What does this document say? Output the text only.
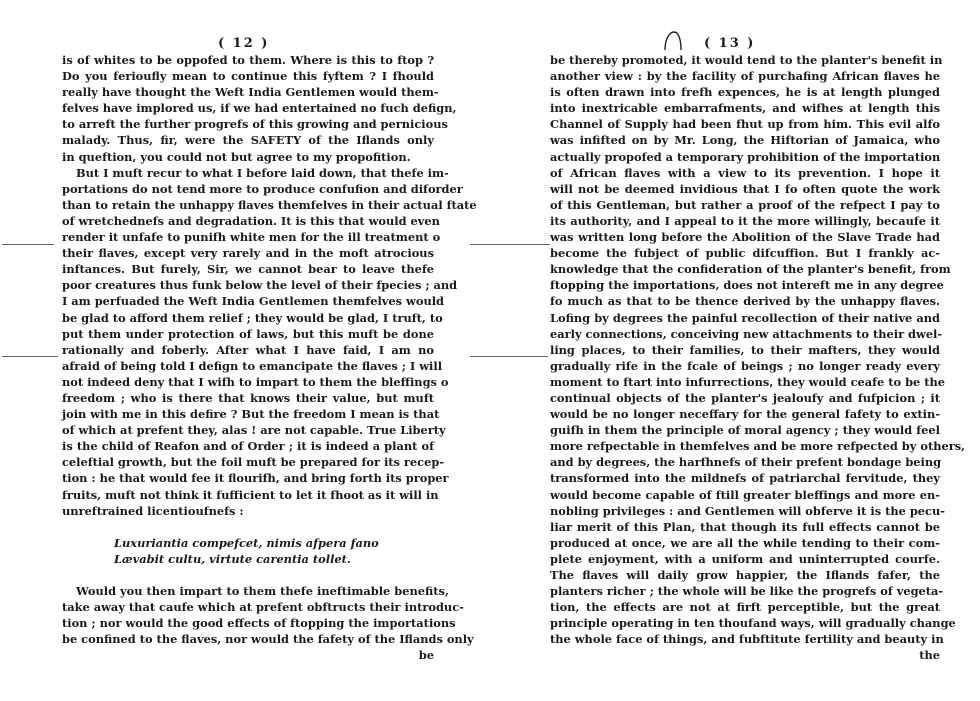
( 12 )
is of whites to be oppofed to them. Where is this to ftop ?
Do you ferioufly mean to continue this fyftem ? I fhould
really have thought the Weft India Gentlemen would them-
felves have implored us, if we had entertained no fuch defign,
to arreft the further progrefs of this growing and pernicious
malady. Thus, fir, were the SAFETY of the Iflands only
in queftion, you could not but agree to my propofition.
But I muft recur to what I before laid down, that thefe im-
portations do not tend more to produce confufion and diforder
than to retain the unhappy flaves themfelves in their actual ftate
of wretchednefs and degradation. It is this that would even
render it unfafe to punifh white men for the ill treatment o
their flaves, except very rarely and in the moft atrocious
inftances. But furely, Sir, we cannot bear to leave thefe
poor creatures thus funk below the level of their fpecies ; and
I am perfuaded the Weft India Gentlemen themfelves would
be glad to afford them relief ; they would be glad, I truft, to
put them under protection of laws, but this muft be done
rationally and foberly. After what I have faid, I am no
afraid of being told I defign to emancipate the flaves ; I will
not indeed deny that I wifh to impart to them the bleffings o
freedom ; who is there that knows their value, but muft
join with me in this defire ? But the freedom I mean is that
of which at prefent they, alas ! are not capable. True Liberty
is the child of Reafon and of Order ; it is indeed a plant of
celeftial growth, but the foil muft be prepared for its recep-
tion : he that would fee it flourifh, and bring forth its proper
fruits, muft not think it fufficient to let it fhoot as it will in
unreftrained licentioufnefs :
Luxuriantia compefcet, nimis afpera fano
Lævabit cultu, virtute carentia tollet.
Would you then impart to them thefe ineftimable benefits,
take away that caufe which at prefent obftructs their introduc-
tion ; nor would the good effects of ftopping the importations
be confined to the flaves, nor would the fafety of the Iflands only
be
( 13 )
be thereby promoted, it would tend to the planter's benefit in
another view : by the facility of purchafing African flaves he
is often drawn into frefh expences, he is at length plunged
into inextricable embarrafments, and wifhes at length this
Channel of Supply had been fhut up from him. This evil alfo
was infifted on by Mr. Long, the Hiftorian of Jamaica, who
actually propofed a temporary prohibition of the importation
of African flaves with a view to its prevention. I hope it
will not be deemed invidious that I fo often quote the work
of this Gentleman, but rather a proof of the refpect I pay to
its authority, and I appeal to it the more willingly, becaufe it
was written long before the Abolition of the Slave Trade had
become the fubject of public difcuffion. But I frankly ac-
knowledge that the confideration of the planter's benefit, from
ftopping the importations, does not intereft me in any degree
fo much as that to be thence derived by the unhappy flaves.
Lofing by degrees the painful recollection of their native and
early connections, conceiving new attachments to their dwel-
ling places, to their families, to their mafters, they would
gradually rife in the fcale of beings ; no longer ready every
moment to ftart into infurrections, they would ceafe to be the
continual objects of the planter's jealoufy and fufpicion ; it
would be no longer neceffary for the general fafety to extin-
guifh in them the principle of moral agency ; they would feel
more refpectable in themfelves and be more refpected by others,
and by degrees, the harfhnefs of their prefent bondage being
transformed into the mildnefs of patriarchal fervitude, they
would become capable of ftill greater bleffings and more en-
nobling privileges : and Gentlemen will obferve it is the pecu-
liar merit of this Plan, that though its full effects cannot be
produced at once, we are all the while tending to their com-
plete enjoyment, with a uniform and uninterrupted courfe.
The flaves will daily grow happier, the Iflands fafer, the
planters richer ; the whole will be like the progrefs of vegeta-
tion, the effects are not at firft perceptible, but the great
principle operating in ten thoufand ways, will gradually change
the whole face of things, and fubftitute fertility and beauty in
the
